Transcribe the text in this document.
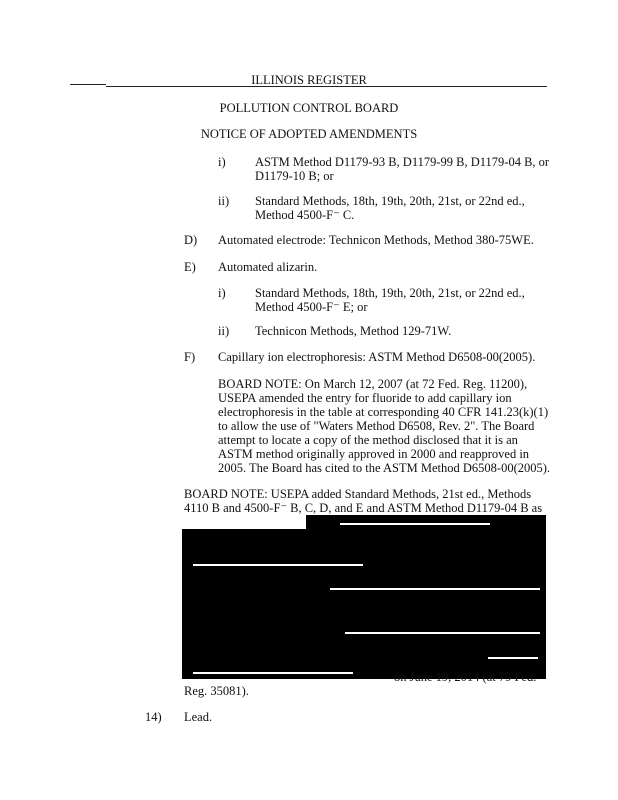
ILLINOIS REGISTER
POLLUTION CONTROL BOARD
NOTICE OF ADOPTED AMENDMENTS
i) ASTM Method D1179-93 B, D1179-99 B, D1179-04 B, or
D1179-10 B; or
ii) Standard Methods, 18th, 19th, 20th, 21st, or 22nd ed.,
Method 4500-F⁻ C.
D) Automated electrode: Technicon Methods, Method 380-75WE.
E) Automated alizarin.
i) Standard Methods, 18th, 19th, 20th, 21st, or 22nd ed.,
Method 4500-F⁻ E; or
ii) Technicon Methods, Method 129-71W.
F) Capillary ion electrophoresis: ASTM Method D6508-00(2005).

BOARD NOTE: On March 12, 2007 (at 72 Fed. Reg. 11200),

USEPA amended the entry for fluoride to add capillary ion

electrophoresis in the table at corresponding 40 CFR 141.23(k)(1)

to allow the use of "Waters Method D6508, Rev. 2". The Board

attempt to locate a copy of the method disclosed that it is an

ASTM method originally approved in 2000 and reapproved in

2005. The Board has cited to the ASTM Method D6508-00(2005).

BOARD NOTE: USEPA added Standard Methods, 21st ed., Methods
4110 B and 4500-F⁻ B, C, D, and E and ASTM Method D1179-04 B as
on June 19, 2014 (at 79 Fed.
Reg. 35081).
14) Lead.
